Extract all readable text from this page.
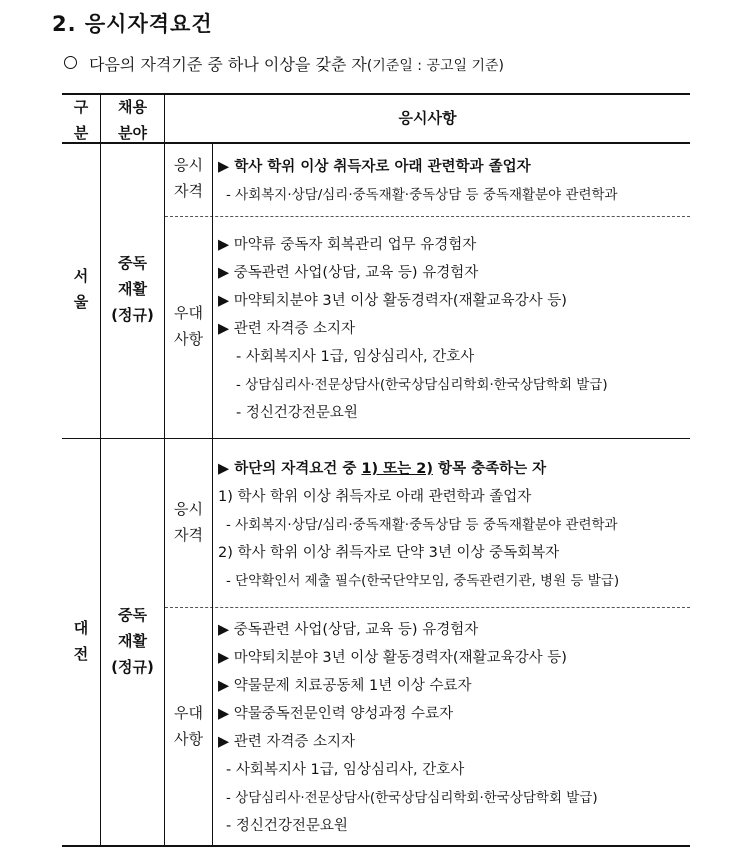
2. 응시자격요건
다음의 자격기준 중 하나 이상을 갖춘 자(기준일 : 공고일 기준)
구
분
채용
분야
응시사항
서
울
중독
재활
(정규)
응시
자격
▶ 학사 학위 이상 취득자로 아래 관련학과 졸업자
- 사회복지·상담/심리·중독재활·중독상담 등 중독재활분야 관련학과
우대
사항
▶ 마약류 중독자 회복관리 업무 유경험자
▶ 중독관련 사업(상담, 교육 등) 유경험자
▶ 마약퇴치분야 3년 이상 활동경력자(재활교육강사 등)
▶ 관련 자격증 소지자
- 사회복지사 1급, 임상심리사, 간호사
- 상담심리사·전문상담사(한국상담심리학회·한국상담학회 발급)
- 정신건강전문요원
대
전
중독
재활
(정규)
응시
자격
▶ 하단의 자격요건 중 1) 또는 2) 항목 충족하는 자
1) 학사 학위 이상 취득자로 아래 관련학과 졸업자
- 사회복지·상담/심리·중독재활·중독상담 등 중독재활분야 관련학과
2) 학사 학위 이상 취득자로 단약 3년 이상 중독회복자
- 단약확인서 제출 필수(한국단약모임, 중독관련기관, 병원 등 발급)
우대
사항
▶ 중독관련 사업(상담, 교육 등) 유경험자
▶ 마약퇴치분야 3년 이상 활동경력자(재활교육강사 등)
▶ 약물문제 치료공동체 1년 이상 수료자
▶ 약물중독전문인력 양성과정 수료자
▶ 관련 자격증 소지자
- 사회복지사 1급, 임상심리사, 간호사
- 상담심리사·전문상담사(한국상담심리학회·한국상담학회 발급)
- 정신건강전문요원
